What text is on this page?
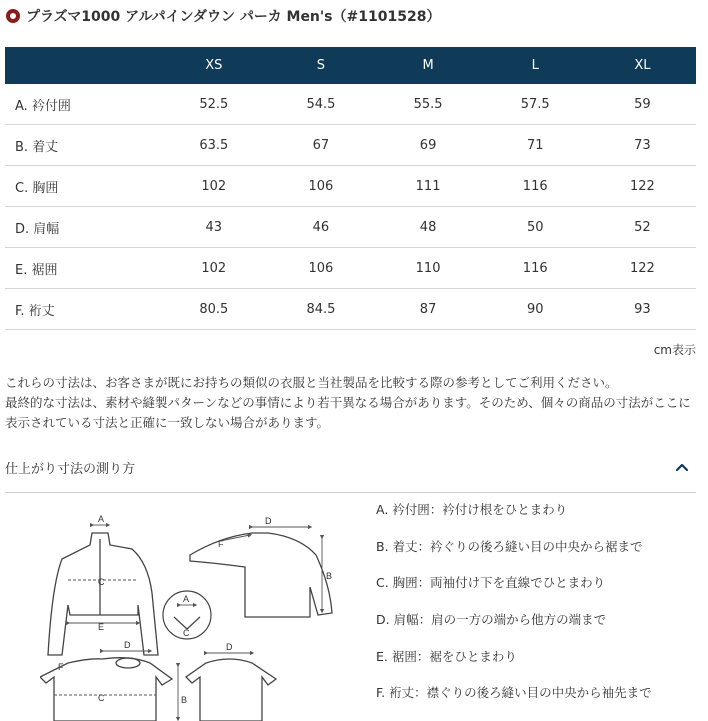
プラズマ1000 アルパインダウン パーカ Men's（#1101528）
	XS	S	M	L	XL
A. 衿付囲	52.5	54.5	55.5	57.5	59
B. 着丈	63.5	67	69	71	73
C. 胸囲	102	106	111	116	122
D. 肩幅	43	46	48	50	52
E. 裾囲	102	106	110	116	122
F. 裄丈	80.5	84.5	87	90	93
cm表示

これらの寸法は、お客さまが既にお持ちの類似の衣服と当社製品を比較する際の参考としてご利用ください。

最終的な寸法は、素材や縫製パターンなどの事情により若干異なる場合があります。そのため、個々の商品の寸法がここに表示されている寸法と正確に一致しない場合があります。

仕上がり寸法の測り方
A
C
E
D
F
B
A
C
D	D
F
C	B
A. 衿付囲：衿付け根をひとまわり
B. 着丈：衿ぐりの後ろ縫い目の中央から裾まで
C. 胸囲：両袖付け下を直線でひとまわり
D. 肩幅：肩の一方の端から他方の端まで
E. 裾囲：裾をひとまわり
F. 裄丈：襟ぐりの後ろ縫い目の中央から袖先まで
